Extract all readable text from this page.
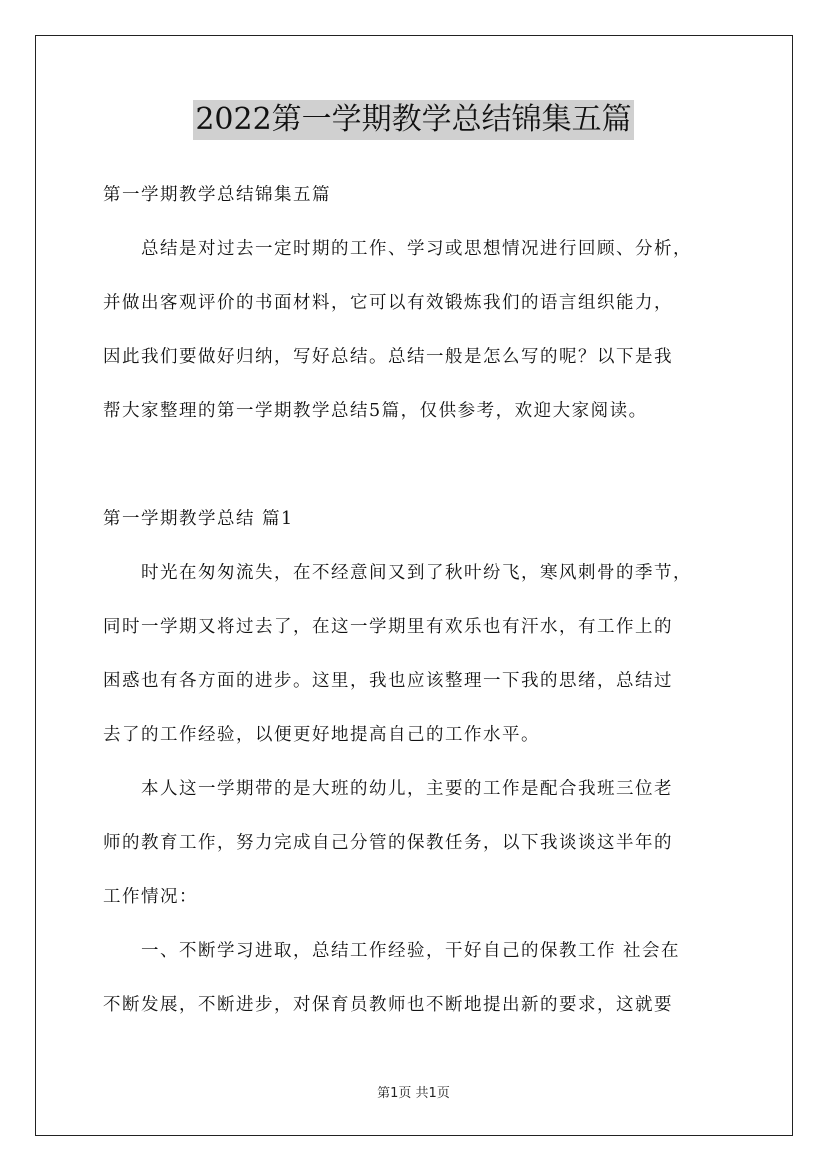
2022第一学期教学总结锦集五篇
第一学期教学总结锦集五篇
　　总结是对过去一定时期的工作、学习或思想情况进行回顾、分析，
并做出客观评价的书面材料，它可以有效锻炼我们的语言组织能力，
因此我们要做好归纳，写好总结。总结一般是怎么写的呢？以下是我
帮大家整理的第一学期教学总结5篇，仅供参考，欢迎大家阅读。
第一学期教学总结 篇1
　　时光在匆匆流失，在不经意间又到了秋叶纷飞，寒风刺骨的季节，
同时一学期又将过去了，在这一学期里有欢乐也有汗水，有工作上的
困惑也有各方面的进步。这里，我也应该整理一下我的思绪，总结过
去了的工作经验，以便更好地提高自己的工作水平。
　　本人这一学期带的是大班的幼儿，主要的工作是配合我班三位老
师的教育工作，努力完成自己分管的保教任务，以下我谈谈这半年的
工作情况：
　　一、不断学习进取，总结工作经验，干好自己的保教工作 社会在
不断发展，不断进步，对保育员教师也不断地提出新的要求，这就要
第1页 共1页
